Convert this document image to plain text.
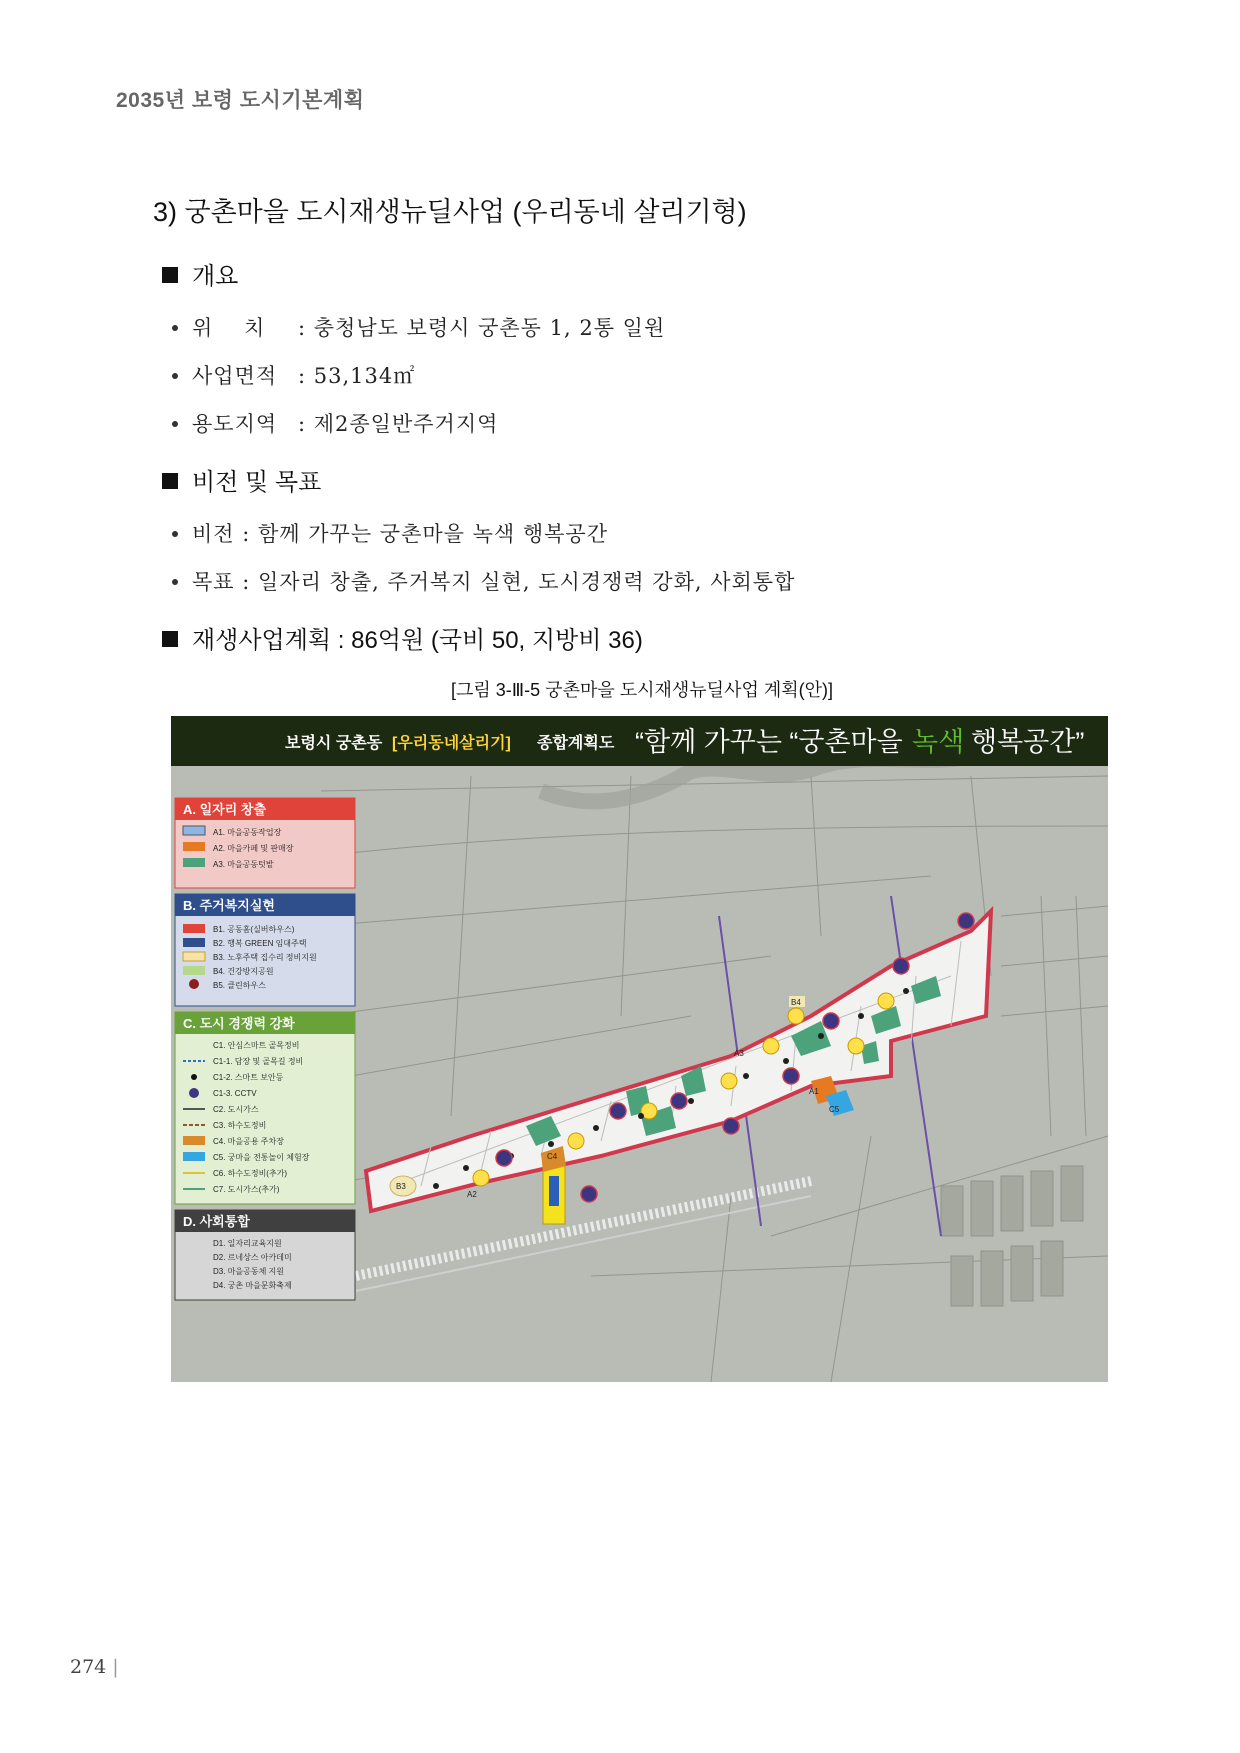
2035년 보령 도시기본계획
3) 궁촌마을 도시재생뉴딜사업 (우리동네 살리기형)
개요
위    치 : 충청남도 보령시 궁촌동 1, 2통 일원
사업면적 : 53,134㎡
용도지역 : 제2종일반주거지역
비전 및 목표
비전 : 함께 가꾸는 궁촌마을 녹색 행복공간
목표 : 일자리 창출, 주거복지 실현, 도시경쟁력 강화, 사회통합
재생사업계획 : 86억원 (국비 50, 지방비 36)
[그림 3-Ⅲ-5 궁촌마을 도시재생뉴딜사업 계획(안)]
B3
A2
C4
A3
B4
C5
A1
보령시 궁촌동 [우리동네살리기] 종합계획도 “함께 가꾸는 “궁촌마을 녹색 행복공간”
A. 일자리 창출
A1. 마을공동작업장
A2. 마을카페 및 판매장
A3. 마을공동텃밭
B. 주거복지실현
B1. 공동홈(실버하우스)
B2. 행복 GREEN 임대주택
B3. 노후주택 집수리 정비지원
B4. 건강방지공원
B5. 클린하우스
C. 도시 경쟁력 강화
C1. 안심스마트 골목정비
C1-1. 담장 및 골목길 정비
C1-2. 스마트 보안등
C1-3. CCTV
C2. 도시가스
C3. 하수도정비
C4. 마을공용 주차장
C5. 궁마을 전통놀이 체험장
C6. 하수도정비(추가)
C7. 도시가스(추가)
D. 사회통합
D1. 일자리교육지원
D2. 르네상스 아카데미
D3. 마을공동체 지원
D4. 궁촌 마을문화축제
274 |
